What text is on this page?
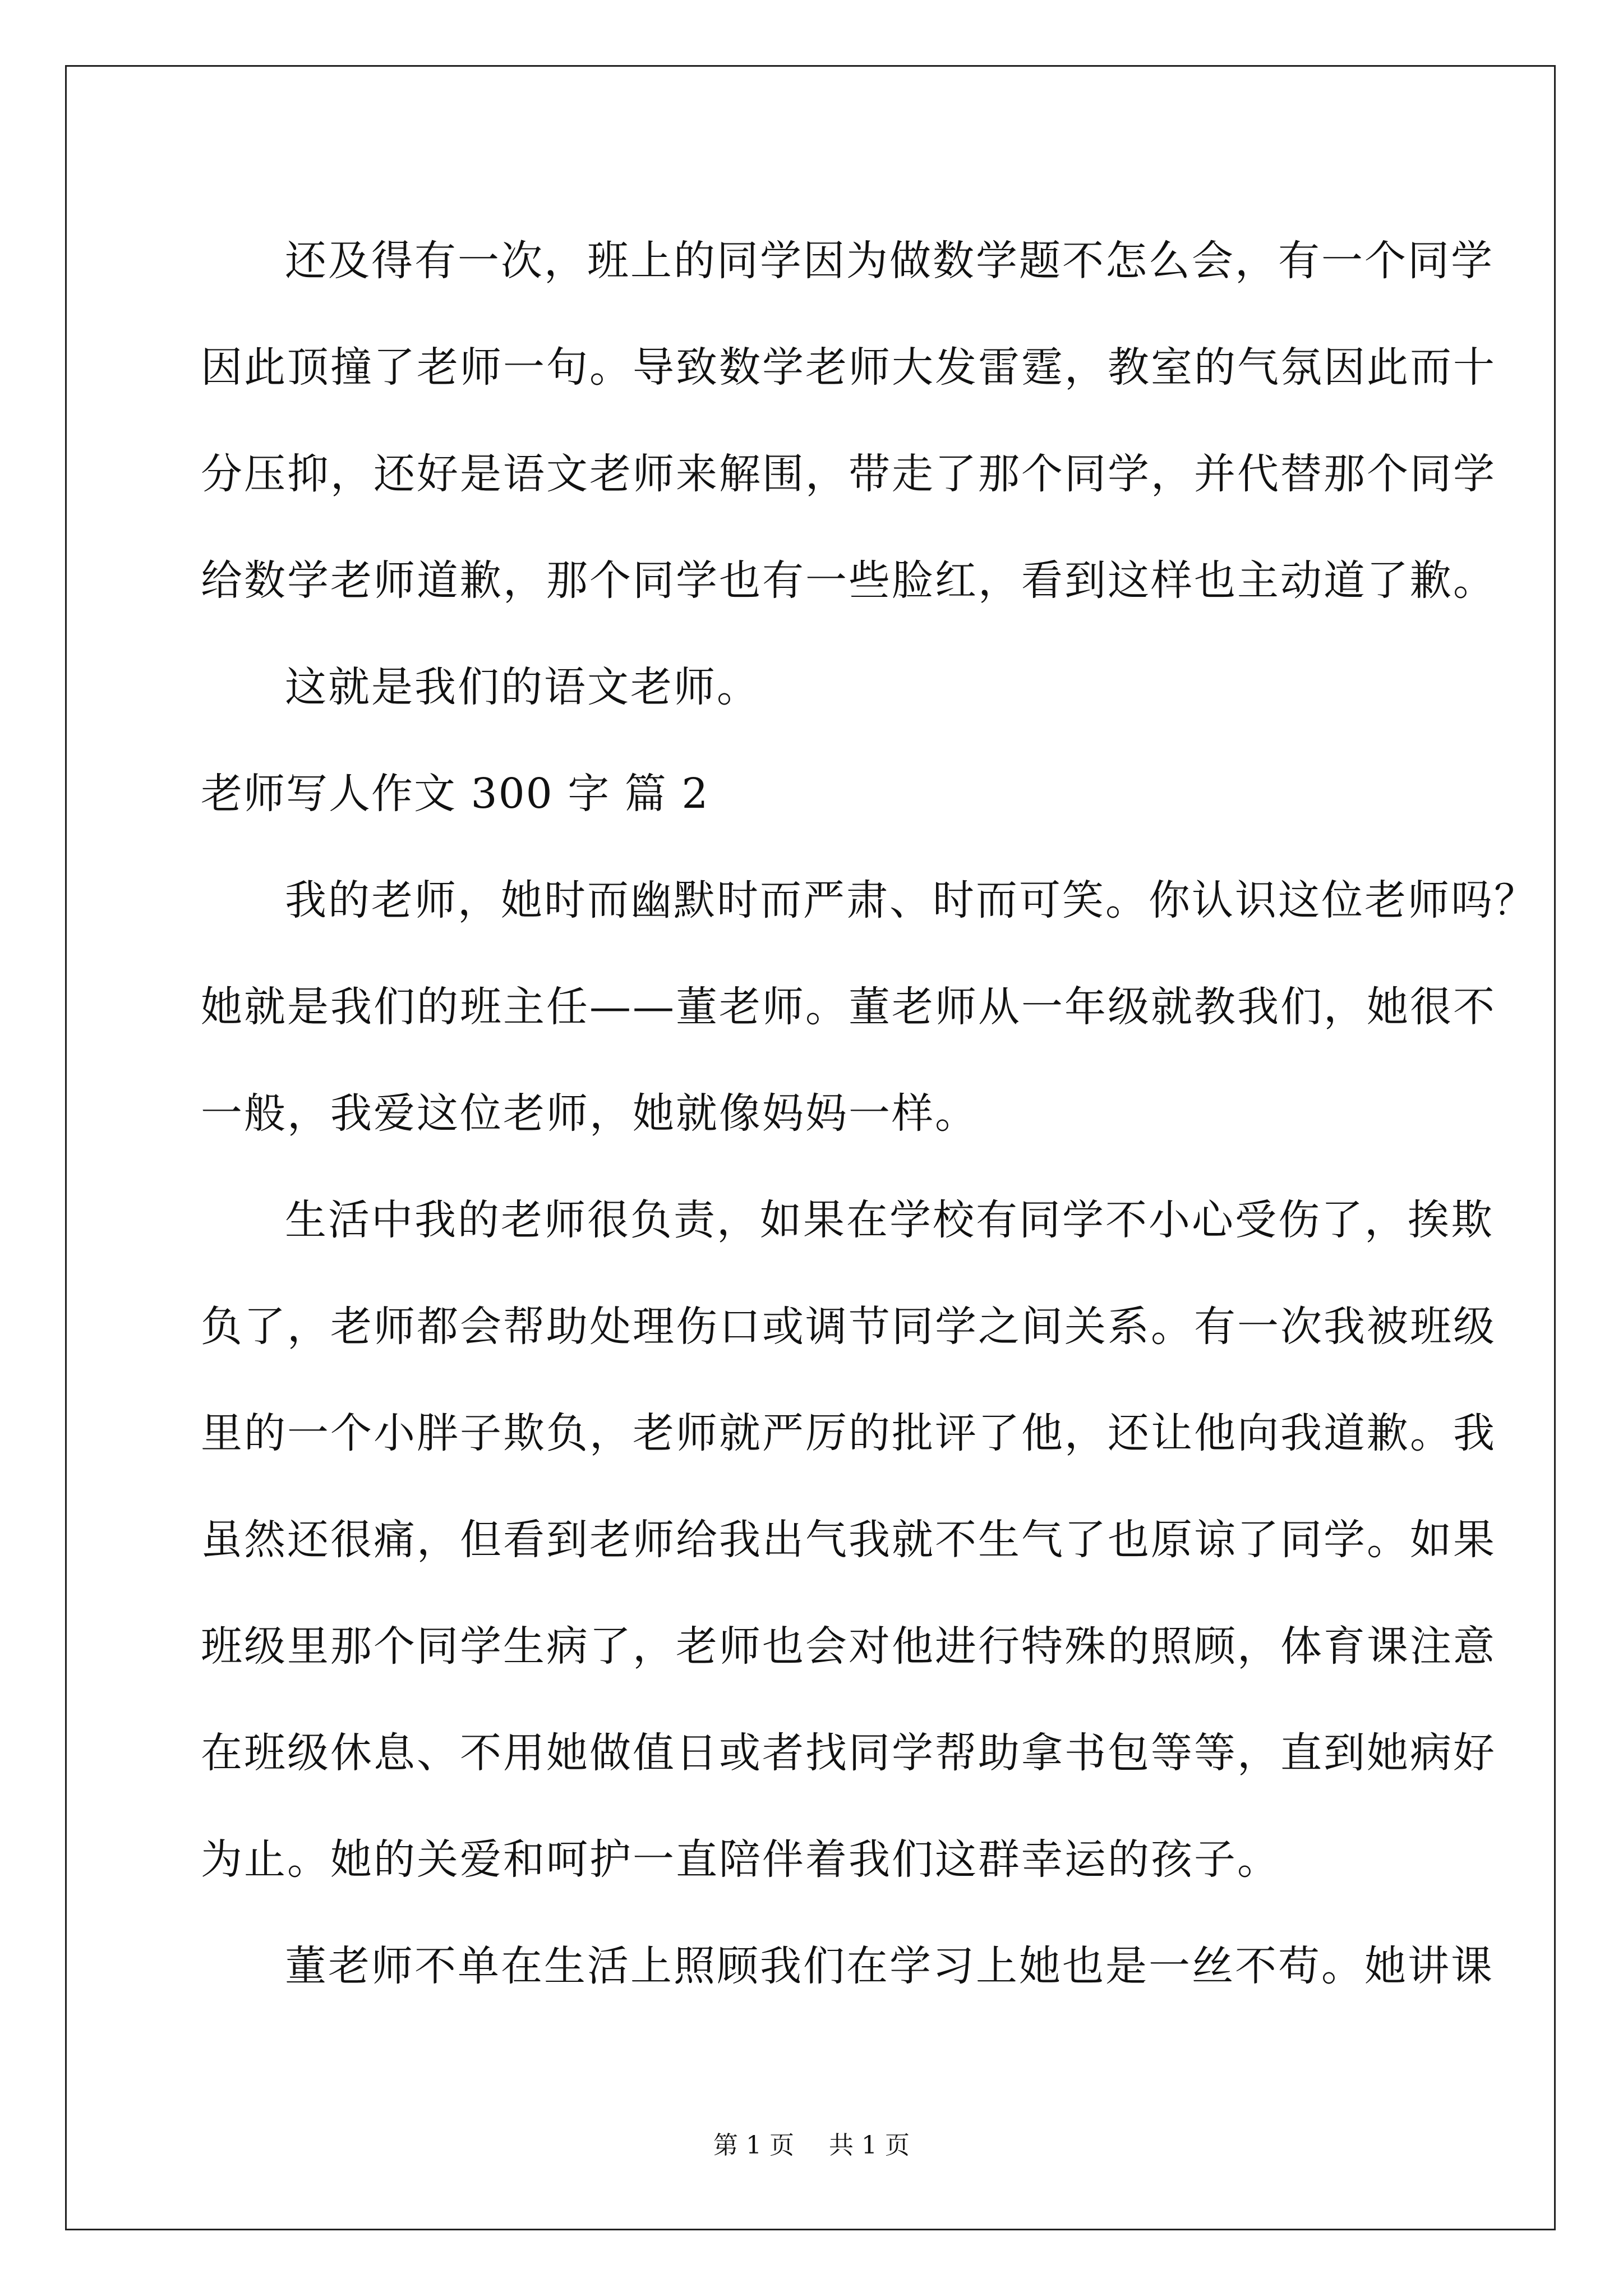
还及得有一次，班上的同学因为做数学题不怎么会，有一个同学
因此顶撞了老师一句。导致数学老师大发雷霆，教室的气氛因此而十
分压抑，还好是语文老师来解围，带走了那个同学，并代替那个同学
给数学老师道歉，那个同学也有一些脸红，看到这样也主动道了歉。
这就是我们的语文老师。
老师写人作文 300 字 篇 2
我的老师，她时而幽默时而严肃、时而可笑。你认识这位老师吗？
她就是我们的班主任——董老师。董老师从一年级就教我们，她很不
一般，我爱这位老师，她就像妈妈一样。
生活中我的老师很负责，如果在学校有同学不小心受伤了，挨欺
负了，老师都会帮助处理伤口或调节同学之间关系。有一次我被班级
里的一个小胖子欺负，老师就严厉的批评了他，还让他向我道歉。我
虽然还很痛，但看到老师给我出气我就不生气了也原谅了同学。如果
班级里那个同学生病了，老师也会对他进行特殊的照顾，体育课注意
在班级休息、不用她做值日或者找同学帮助拿书包等等，直到她病好
为止。她的关爱和呵护一直陪伴着我们这群幸运的孩子。
董老师不单在生活上照顾我们在学习上她也是一丝不苟。她讲课
第 1 页 共 1 页
